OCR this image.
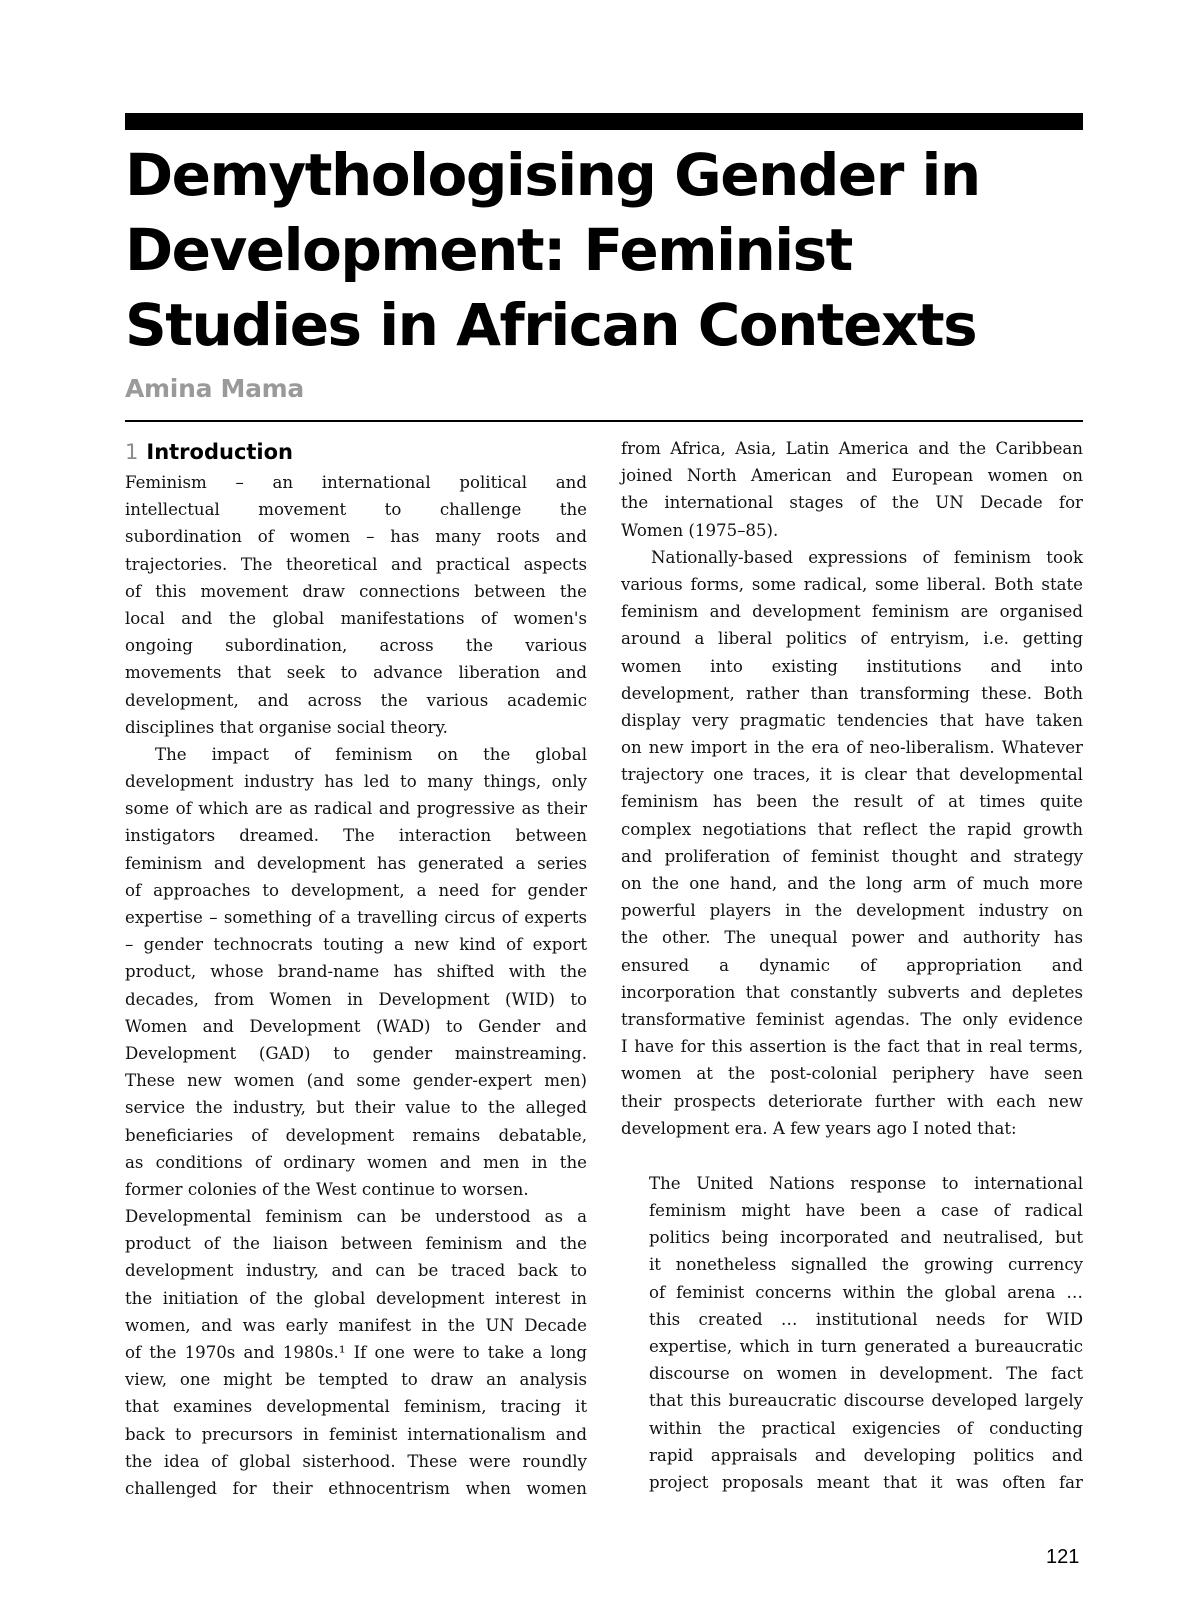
Demythologising Gender in
Development: Feminist
Studies in African Contexts
Amina Mama
1 Introduction
Feminism – an international political and
intellectual movement to challenge the
subordination of women – has many roots and
trajectories. The theoretical and practical aspects
of this movement draw connections between the
local and the global manifestations of women's
ongoing subordination, across the various
movements that seek to advance liberation and
development, and across the various academic
disciplines that organise social theory.
The impact of feminism on the global
development industry has led to many things, only
some of which are as radical and progressive as their
instigators dreamed. The interaction between
feminism and development has generated a series
of approaches to development, a need for gender
expertise – something of a travelling circus of experts
– gender technocrats touting a new kind of export
product, whose brand-name has shifted with the
decades, from Women in Development (WID) to
Women and Development (WAD) to Gender and
Development (GAD) to gender mainstreaming.
These new women (and some gender-expert men)
service the industry, but their value to the alleged
beneficiaries of development remains debatable,
as conditions of ordinary women and men in the
former colonies of the West continue to worsen.
Developmental feminism can be understood as a
product of the liaison between feminism and the
development industry, and can be traced back to
the initiation of the global development interest in
women, and was early manifest in the UN Decade
of the 1970s and 1980s.¹ If one were to take a long
view, one might be tempted to draw an analysis
that examines developmental feminism, tracing it
back to precursors in feminist internationalism and
the idea of global sisterhood. These were roundly
challenged for their ethnocentrism when women
from Africa, Asia, Latin America and the Caribbean
joined North American and European women on
the international stages of the UN Decade for
Women (1975–85).
Nationally-based expressions of feminism took
various forms, some radical, some liberal. Both state
feminism and development feminism are organised
around a liberal politics of entryism, i.e. getting
women into existing institutions and into
development, rather than transforming these. Both
display very pragmatic tendencies that have taken
on new import in the era of neo-liberalism. Whatever
trajectory one traces, it is clear that developmental
feminism has been the result of at times quite
complex negotiations that reflect the rapid growth
and proliferation of feminist thought and strategy
on the one hand, and the long arm of much more
powerful players in the development industry on
the other. The unequal power and authority has
ensured a dynamic of appropriation and
incorporation that constantly subverts and depletes
transformative feminist agendas. The only evidence
I have for this assertion is the fact that in real terms,
women at the post-colonial periphery have seen
their prospects deteriorate further with each new
development era. A few years ago I noted that:
The United Nations response to international
feminism might have been a case of radical
politics being incorporated and neutralised, but
it nonetheless signalled the growing currency
of feminist concerns within the global arena …
this created … institutional needs for WID
expertise, which in turn generated a bureaucratic
discourse on women in development. The fact
that this bureaucratic discourse developed largely
within the practical exigencies of conducting
rapid appraisals and developing politics and
project proposals meant that it was often far
121
